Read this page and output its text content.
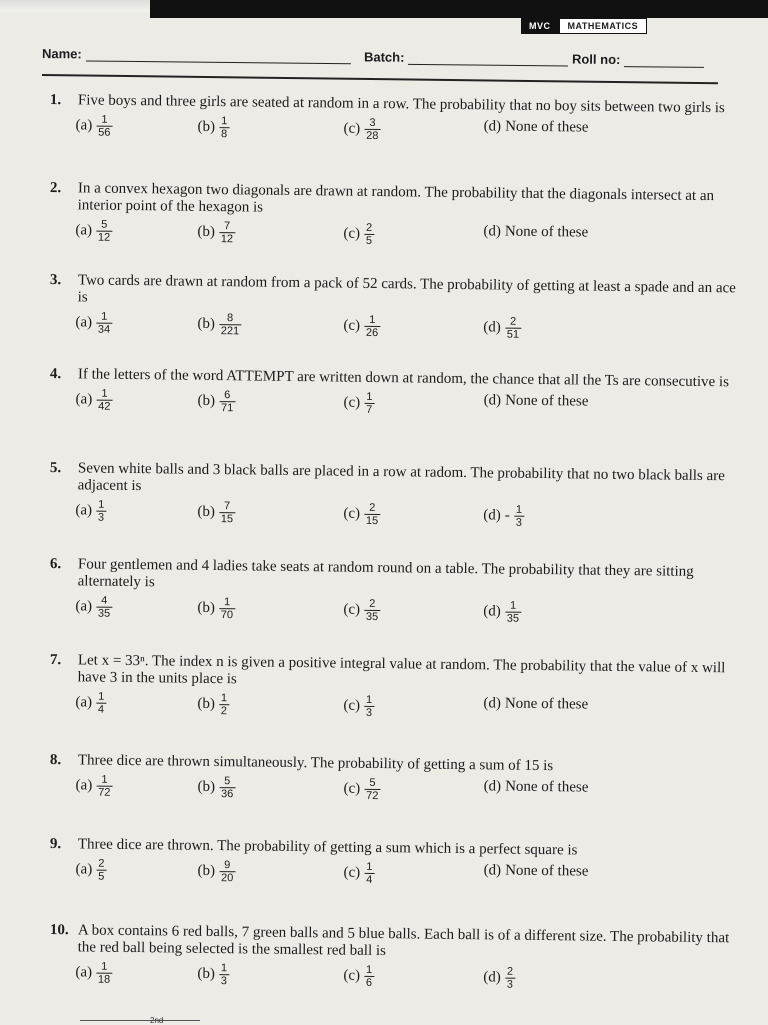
MVC	MATHEMATICS
Name:	Batch:	Roll no:
1.	Five boys and three girls are seated at random in a row. The probability that no boy sits between two girls is
$(a) \frac{1}{56}$	$(b) \frac{1}{8}$	$(c) \frac{3}{28}$	(d) None of these
2.	In a convex hexagon two diagonals are drawn at random. The probability that the diagonals intersect at an interior point of the hexagon is
$(a) \frac{5}{12}$	$(b) \frac{7}{12}$	$(c) \frac{2}{5}$	(d) None of these
3.	Two cards are drawn at random from a pack of 52 cards. The probability of getting at least a spade and an ace is
$(a) \frac{1}{34}$	$(b) \frac{8}{221}$	$(c) \frac{1}{26}$	$(d) \frac{2}{51}$
4.	If the letters of the word ATTEMPT are written down at random, the chance that all the Ts are consecutive is
$(a) \frac{1}{42}$	$(b) \frac{6}{71}$	$(c) \frac{1}{7}$	(d) None of these
5.	Seven white balls and 3 black balls are placed in a row at radom. The probability that no two black balls are adjacent is
$(a) \frac{1}{3}$	$(b) \frac{7}{15}$	$(c) \frac{2}{15}$	$(d) - \frac{1}{3}$
6.	Four gentlemen and 4 ladies take seats at random round on a table. The probability that they are sitting alternately is
$(a) \frac{4}{35}$	$(b) \frac{1}{70}$	$(c) \frac{2}{35}$	$(d) \frac{1}{35}$
7.	Let x = 33ⁿ. The index n is given a positive integral value at random. The probability that the value of x will have 3 in the units place is
$(a) \frac{1}{4}$	$(b) \frac{1}{2}$	$(c) \frac{1}{3}$	(d) None of these
8.	Three dice are thrown simultaneously. The probability of getting a sum of 15 is
$(a) \frac{1}{72}$	$(b) \frac{5}{36}$	$(c) \frac{5}{72}$	(d) None of these
9.	Three dice are thrown. The probability of getting a sum which is a perfect square is
$(a) \frac{2}{5}$	$(b) \frac{9}{20}$	$(c) \frac{1}{4}$	(d) None of these
10. A box contains 6 red balls, 7 green balls and 5 blue balls. Each ball is of a different size. The probability that the red ball being selected is the smallest red ball is
$(a) \frac{1}{18}$	$(b) \frac{1}{3}$	$(c) \frac{1}{6}$	$(d) \frac{2}{3}$
2nd
